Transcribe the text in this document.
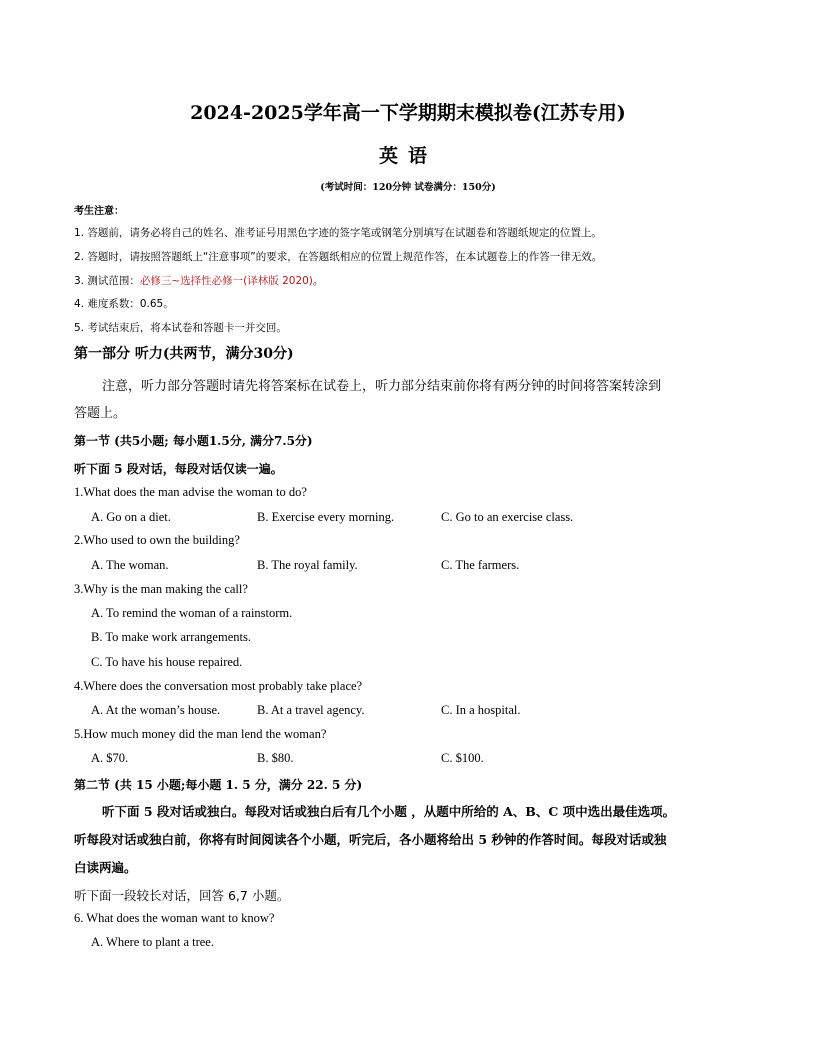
2024-2025学年高一下学期期末模拟卷(江苏专用)
英语
(考试时间：120分钟 试卷满分：150分)
考生注意：
1. 答题前，请务必将自己的姓名、准考证号用黑色字迹的签字笔或钢笔分别填写在试题卷和答题纸规定的位置上。
2. 答题时，请按照答题纸上“注意事项”的要求，在答题纸相应的位置上规范作答，在本试题卷上的作答一律无效。
3. 测试范围：必修三~选择性必修一(译林版 2020)。
4. 难度系数：0.65。
5. 考试结束后，将本试卷和答题卡一并交回。
第一部分 听力(共两节，满分30分)
注意，听力部分答题时请先将答案标在试卷上，听力部分结束前你将有两分钟的时间将答案转涂到
答题上。
第一节 (共5小题; 每小题1.5分, 满分7.5分)
听下面 5 段对话，每段对话仅读一遍。
1.What does the man advise the woman to do?
A. Go on a diet.	B. Exercise every morning.	C. Go to an exercise class.
2.Who used to own the building?
A. The woman.	B. The royal family.	C. The farmers.
3.Why is the man making the call?
A. To remind the woman of a rainstorm.
B. To make work arrangements.
C. To have his house repaired.
4.Where does the conversation most probably take place?
A. At the woman’s house.	B. At a travel agency.	C. In a hospital.
5.How much money did the man lend the woman?
A. $70.	B. $80.	C. $100.
第二节 (共 15 小题;每小题 1. 5 分，满分 22. 5 分)
听下面 5 段对话或独白。每段对话或独白后有几个小题 ，从题中所给的 A、B、C 项中选出最佳选项。
听每段对话或独白前，你将有时间阅读各个小题，听完后，各小题将给出 5 秒钟的作答时间。每段对话或独
白读两遍。
听下面一段较长对话，回答 6,7 小题。
6. What does the woman want to know?
A. Where to plant a tree.
